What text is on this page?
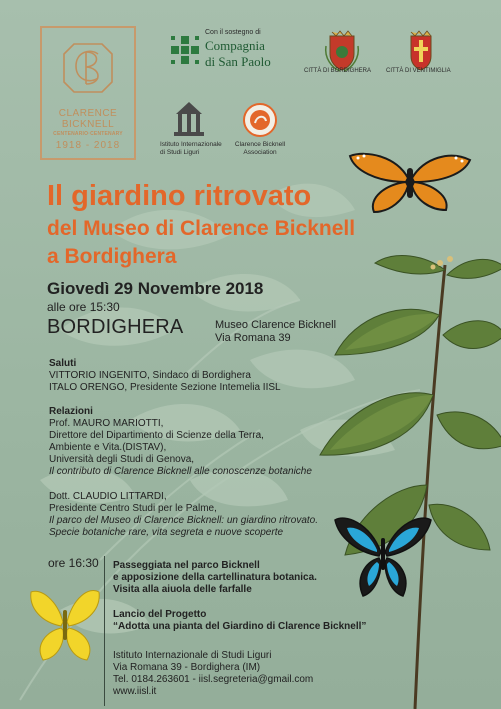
CLARENCE
BICKNELL
CENTENARIO·CENTENARY
1918 - 2018
Con il sostegno di
Compagnia
di San Paolo
CITTÀ DI BORDIGHERA CITTÀ DI VENTIMIGLIA
Istituto Internazionale
di Studi Liguri
Clarence Bicknell
Association
Il giardino ritrovato
del Museo di Clarence Bicknell
a Bordighera
Giovedì 29 Novembre 2018
alle ore 15:30
BORDIGHERA	Museo Clarence Bicknell
Via Romana 39
Saluti
VITTORIO INGENITO, Sindaco di Bordighera
ITALO ORENGO, Presidente Sezione Intemelia IISL
Relazioni
Prof. MAURO MARIOTTI,
Direttore del Dipartimento di Scienze della Terra,
Ambiente e Vita.(DISTAV),
Università degli Studi di Genova,
Il contributo di Clarence Bicknell alle conoscenze botaniche
Dott. CLAUDIO LITTARDI,
Presidente Centro Studi per le Palme,
Il parco del Museo di Clarence Bicknell: un giardino ritrovato.
Specie botaniche rare, vita segreta e nuove scoperte
ore 16:30 Passeggiata nel parco Bicknell
e apposizione della cartellinatura botanica.
Visita alla aiuola delle farfalle
Lancio del Progetto
“Adotta una pianta del Giardino di Clarence Bicknell”
Istituto Internazionale di Studi Liguri
Via Romana 39 - Bordighera (IM)
Tel. 0184.263601 - iisl.segreteria@gmail.com
www.iisl.it
